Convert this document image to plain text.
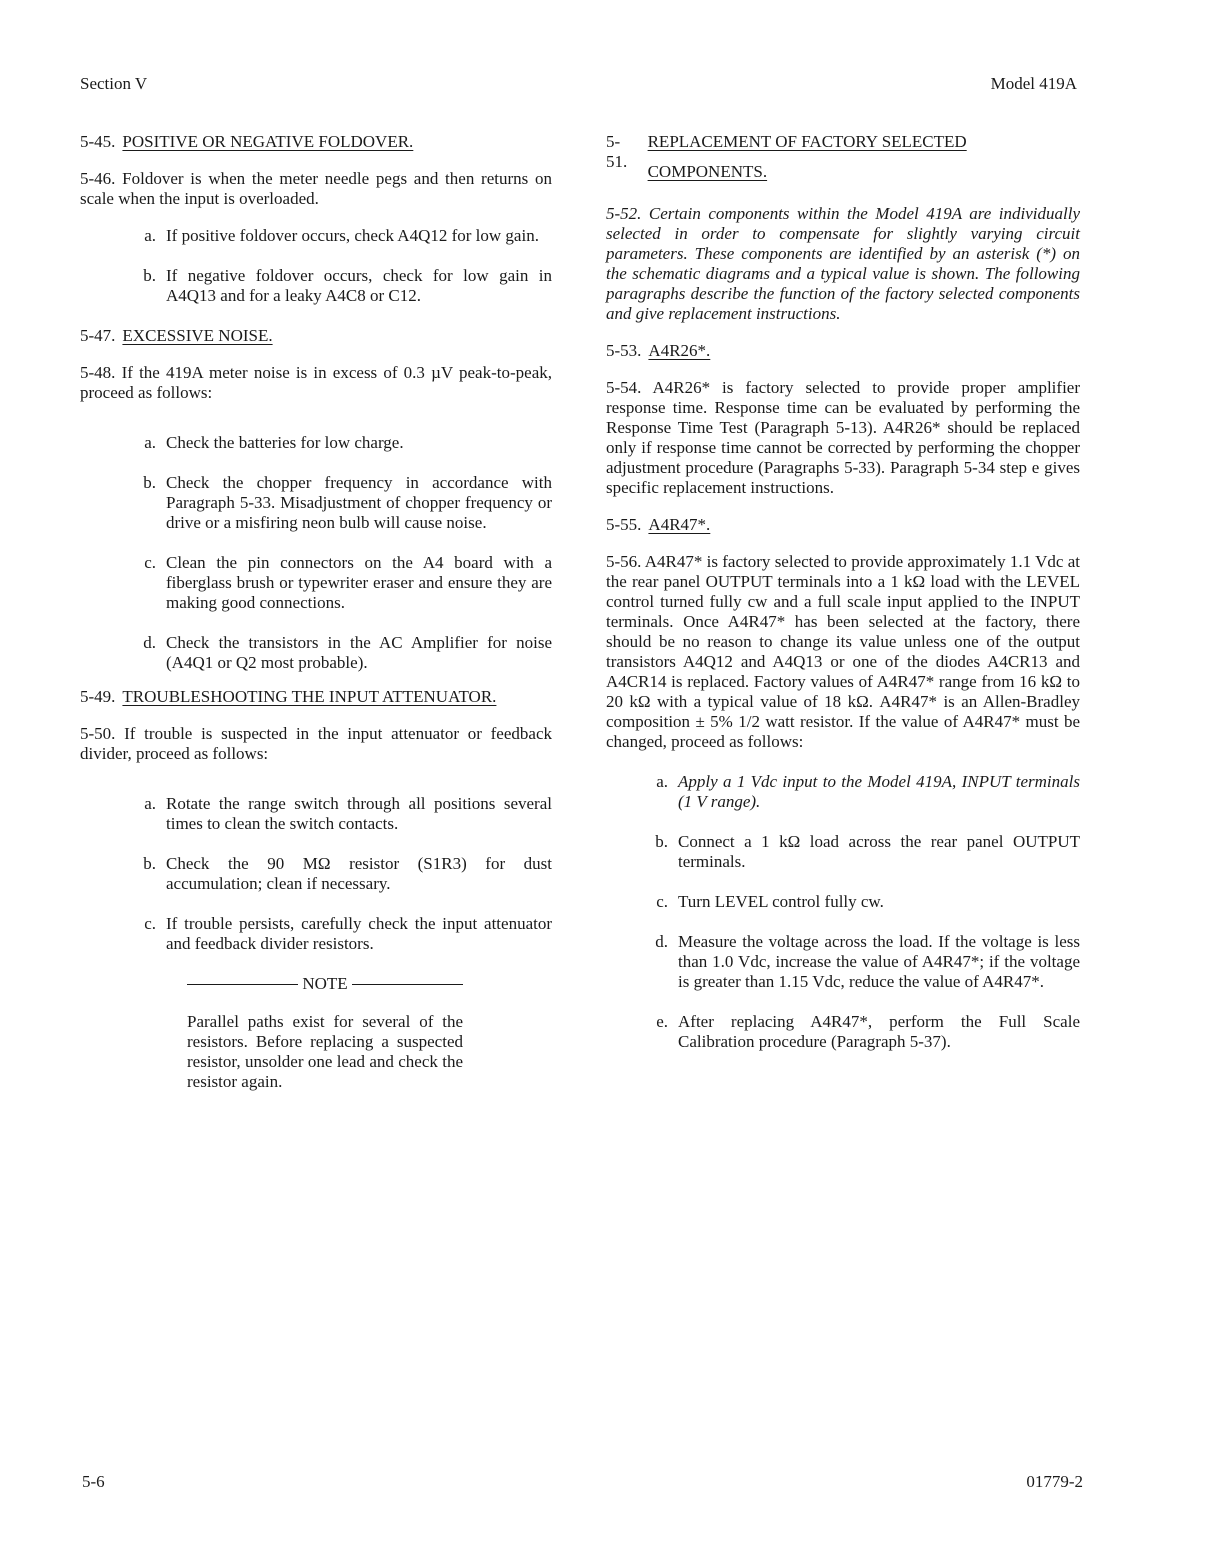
Section V	Model 419A
5-45. POSITIVE OR NEGATIVE FOLDOVER.

5-46. Foldover is when the meter needle pegs and then returns on scale when the input is overloaded.

a. If positive foldover occurs, check A4Q12 for low gain.
b. If negative foldover occurs, check for low gain in A4Q13 and for a leaky A4C8 or C12.
5-47. EXCESSIVE NOISE.

5-48. If the 419A meter noise is in excess of 0.3 µV peak-to-peak, proceed as follows:

a. Check the batteries for low charge.
b. Check the chopper frequency in accordance with Paragraph 5-33. Misadjustment of chopper frequency or drive or a misfiring neon bulb will cause noise.
c. Clean the pin connectors on the A4 board with a fiberglass brush or typewriter eraser and ensure they are making good connections.
d. Check the transistors in the AC Amplifier for noise (A4Q1 or Q2 most probable).
5-49. TROUBLESHOOTING THE INPUT ATTENUATOR.

5-50. If trouble is suspected in the input attenuator or feedback divider, proceed as follows:

a. Rotate the range switch through all positions several times to clean the switch contacts.
b. Check the 90 MΩ resistor (S1R3) for dust accumulation; clean if necessary.
c. If trouble persists, carefully check the input attenuator and feedback divider resistors.
NOTE
Parallel paths exist for several of the resistors. Before replacing a suspected resistor, unsolder one lead and check the resistor again.
5-51.
REPLACEMENT OF FACTORY SELECTED COMPONENTS.

5-52. Certain components within the Model 419A are individually selected in order to compensate for slightly varying circuit parameters. These components are identified by an asterisk (*) on the schematic diagrams and a typical value is shown. The following paragraphs describe the function of the factory selected components and give replacement instructions.

5-53. A4R26*.

5-54. A4R26* is factory selected to provide proper amplifier response time. Response time can be evaluated by performing the Response Time Test (Paragraph 5-13). A4R26* should be replaced only if response time cannot be corrected by performing the chopper adjustment procedure (Paragraphs 5-33). Paragraph 5-34 step e gives specific replacement instructions.

5-55. A4R47*.

5-56. A4R47* is factory selected to provide approximately 1.1 Vdc at the rear panel OUTPUT terminals into a 1 kΩ load with the LEVEL control turned fully cw and a full scale input applied to the INPUT terminals. Once A4R47* has been selected at the factory, there should be no reason to change its value unless one of the output transistors A4Q12 and A4Q13 or one of the diodes A4CR13 and A4CR14 is replaced. Factory values of A4R47* range from 16 kΩ to 20 kΩ with a typical value of 18 kΩ. A4R47* is an Allen-Bradley composition ± 5% 1/2 watt resistor. If the value of A4R47* must be changed, proceed as follows:

a. Apply a 1 Vdc input to the Model 419A, INPUT terminals (1 V range).
b. Connect a 1 kΩ load across the rear panel OUTPUT terminals.
c. Turn LEVEL control fully cw.
d. Measure the voltage across the load. If the voltage is less than 1.0 Vdc, increase the value of A4R47*; if the voltage is greater than 1.15 Vdc, reduce the value of A4R47*.
e. After replacing A4R47*, perform the Full Scale Calibration procedure (Paragraph 5-37).
5-6	01779-2
